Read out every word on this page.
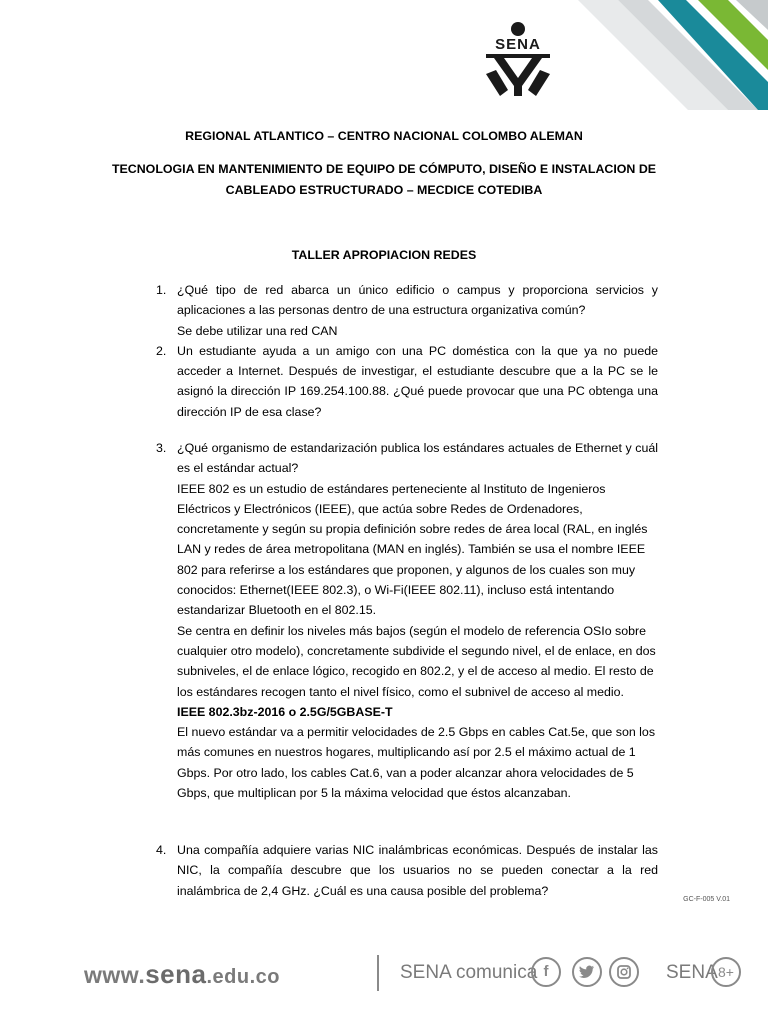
SENA
REGIONAL ATLANTICO – CENTRO NACIONAL COLOMBO ALEMAN
TECNOLOGIA EN MANTENIMIENTO DE EQUIPO DE CÓMPUTO, DISEÑO E INSTALACION DE
CABLEADO ESTRUCTURADO – MECDICE COTEDIBA
TALLER APROPIACION REDES
1. ¿Qué tipo de red abarca un único edificio o campus y proporciona servicios y aplicaciones a las personas dentro de una estructura organizativa común?

Se debe utilizar una red CAN

2. Un estudiante ayuda a un amigo con una PC doméstica con la que ya no puede acceder a Internet. Después de investigar, el estudiante descubre que a la PC se le asignó la dirección IP 169.254.100.88. ¿Qué puede provocar que una PC obtenga una dirección IP de esa clase?

3. ¿Qué organismo de estandarización publica los estándares actuales de Ethernet y cuál es el estándar actual?

IEEE 802 es un estudio de estándares perteneciente al Instituto de Ingenieros Eléctricos y Electrónicos (IEEE), que actúa sobre Redes de Ordenadores, concretamente y según su propia definición sobre redes de área local (RAL, en inglés LAN y redes de área metropolitana (MAN en inglés). También se usa el nombre IEEE 802 para referirse a los estándares que proponen, y algunos de los cuales son muy conocidos: Ethernet(IEEE 802.3), o Wi-Fi(IEEE 802.11), incluso está intentando estandarizar Bluetooth en el 802.15.

Se centra en definir los niveles más bajos (según el modelo de referencia OSIo sobre cualquier otro modelo), concretamente subdivide el segundo nivel, el de enlace, en dos subniveles, el de enlace lógico, recogido en 802.2, y el de acceso al medio. El resto de los estándares recogen tanto el nivel físico, como el subnivel de acceso al medio.

IEEE 802.3bz-2016 o 2.5G/5GBASE-T

El nuevo estándar va a permitir velocidades de 2.5 Gbps en cables Cat.5e, que son los más comunes en nuestros hogares, multiplicando así por 2.5 el máximo actual de 1 Gbps. Por otro lado, los cables Cat.6, van a poder alcanzar ahora velocidades de 5 Gbps, que multiplican por 5 la máxima velocidad que éstos alcanzaban.

4. Una compañía adquiere varias NIC inalámbricas económicas. Después de instalar las NIC, la compañía descubre que los usuarios no se pueden conectar a la red inalámbrica de 2,4 GHz. ¿Cuál es una causa posible del problema?

GC-F-005 V.01
www.sena.edu.co	SENA comunica f	SENA 8+
